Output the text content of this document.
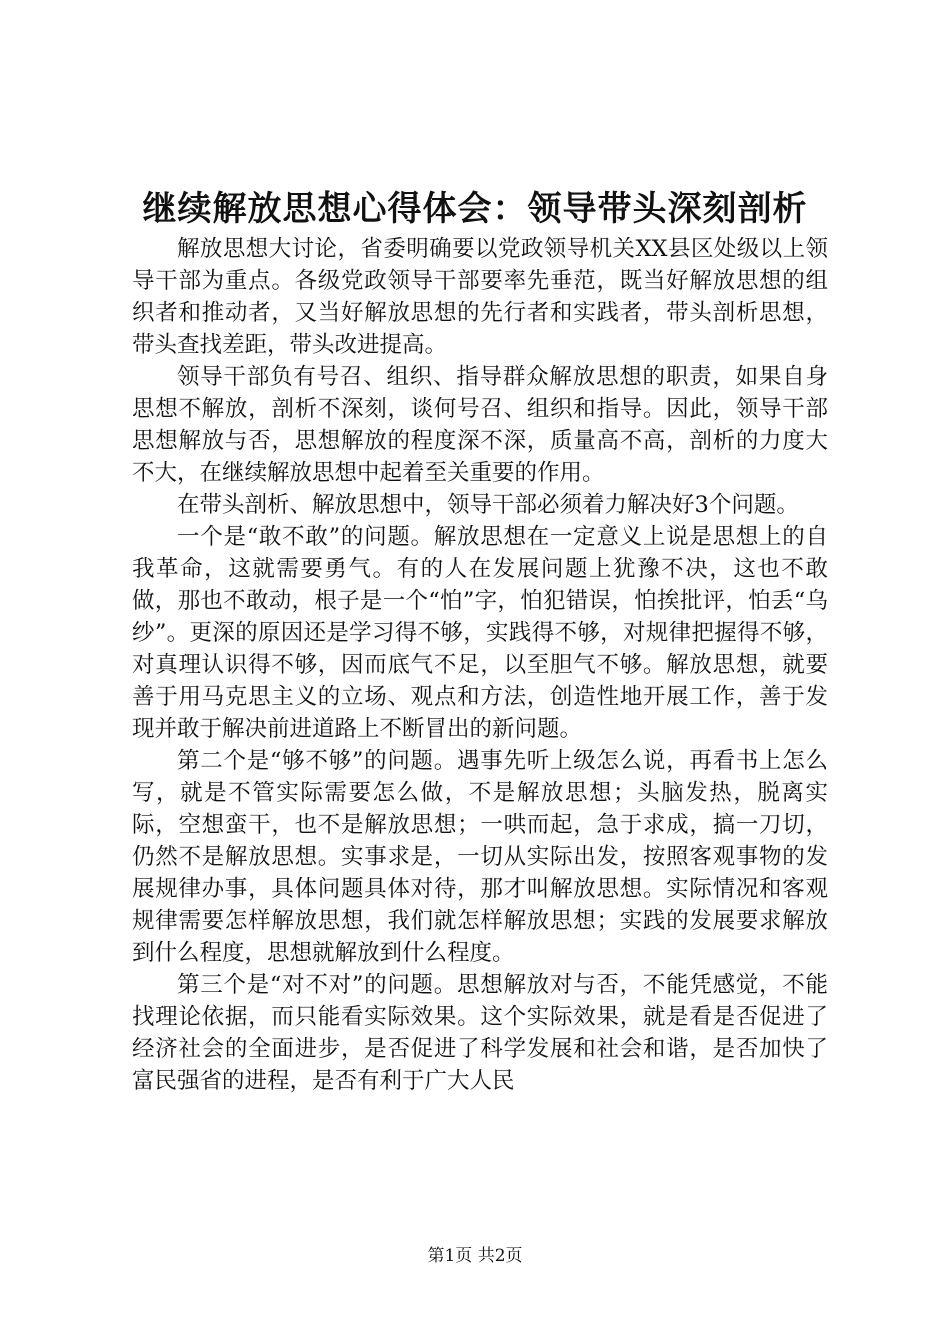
继续解放思想心得体会：领导带头深刻剖析

解放思想大讨论，省委明确要以党政领导机关XX县区处级以上领导干部为重点。各级党政领导干部要率先垂范，既当好解放思想的组织者和推动者，又当好解放思想的先行者和实践者，带头剖析思想，带头查找差距，带头改进提高。

领导干部负有号召、组织、指导群众解放思想的职责，如果自身思想不解放，剖析不深刻，谈何号召、组织和指导。因此，领导干部思想解放与否，思想解放的程度深不深，质量高不高，剖析的力度大不大，在继续解放思想中起着至关重要的作用。

在带头剖析、解放思想中，领导干部必须着力解决好3个问题。

一个是“敢不敢”的问题。解放思想在一定意义上说是思想上的自我革命，这就需要勇气。有的人在发展问题上犹豫不决，这也不敢做，那也不敢动，根子是一个“怕”字，怕犯错误，怕挨批评，怕丢“乌纱”。更深的原因还是学习得不够，实践得不够，对规律把握得不够，对真理认识得不够，因而底气不足，以至胆气不够。解放思想，就要善于用马克思主义的立场、观点和方法，创造性地开展工作，善于发现并敢于解决前进道路上不断冒出的新问题。

第二个是“够不够”的问题。遇事先听上级怎么说，再看书上怎么写，就是不管实际需要怎么做，不是解放思想；头脑发热，脱离实际，空想蛮干，也不是解放思想；一哄而起，急于求成，搞一刀切，仍然不是解放思想。实事求是，一切从实际出发，按照客观事物的发展规律办事，具体问题具体对待，那才叫解放思想。实际情况和客观规律需要怎样解放思想，我们就怎样解放思想；实践的发展要求解放到什么程度，思想就解放到什么程度。

第三个是“对不对”的问题。思想解放对与否，不能凭感觉，不能找理论依据，而只能看实际效果。这个实际效果，就是看是否促进了经济社会的全面进步，是否促进了科学发展和社会和谐，是否加快了富民强省的进程，是否有利于广大人民

第1页 共2页
